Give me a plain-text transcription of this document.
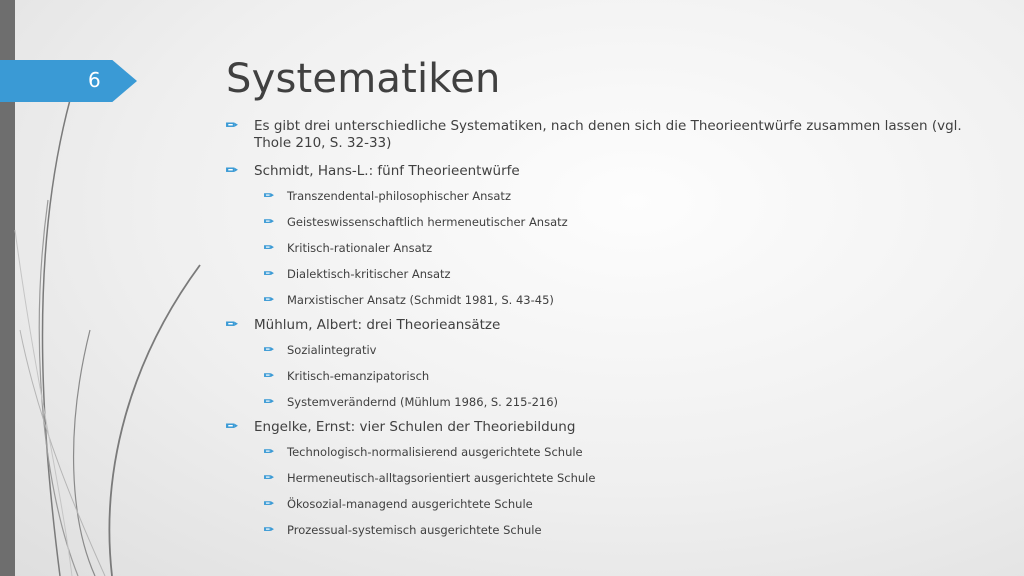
6	Systematiken
Es gibt drei unterschiedliche Systematiken, nach denen sich die Theorieentwürfe zusammen lassen (vgl. Thole 210, S. 32-33)
Schmidt, Hans-L.: fünf Theorieentwürfe
Transzendental-philosophischer Ansatz
Geisteswissenschaftlich hermeneutischer Ansatz
Kritisch-rationaler Ansatz
Dialektisch-kritischer Ansatz
Marxistischer Ansatz (Schmidt 1981, S. 43-45)
Mühlum, Albert: drei Theorieansätze
Sozialintegrativ
Kritisch-emanzipatorisch
Systemverändernd (Mühlum 1986, S. 215-216)
Engelke, Ernst: vier Schulen der Theoriebildung
Technologisch-normalisierend ausgerichtete Schule
Hermeneutisch-alltagsorientiert ausgerichtete Schule
Ökosozial-managend ausgerichtete Schule
Prozessual-systemisch ausgerichtete Schule
